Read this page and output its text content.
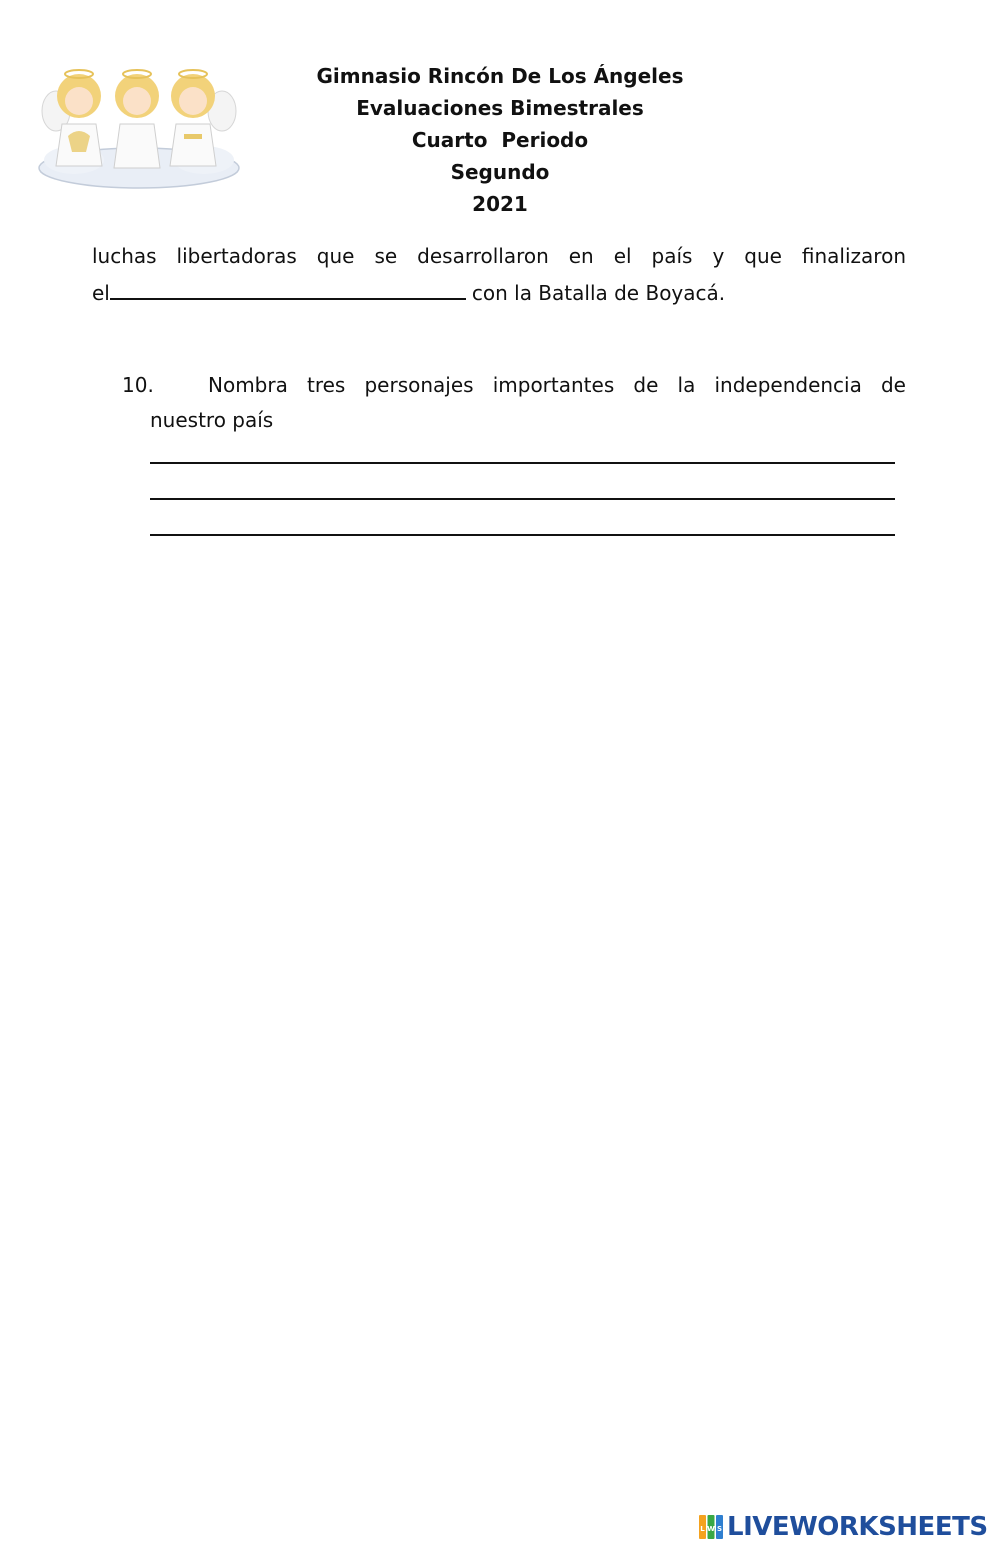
Gimnasio Rincón De Los Ángeles
Evaluaciones Bimestrales
Cuarto  Periodo
Segundo
2021
luchas libertadoras que se desarrollaron en el país y que finalizaron
el	con la Batalla de Boyacá.
10.	Nombra tres personajes importantes de la independencia de
nuestro país
L W S LIVEWORKSHEETS
